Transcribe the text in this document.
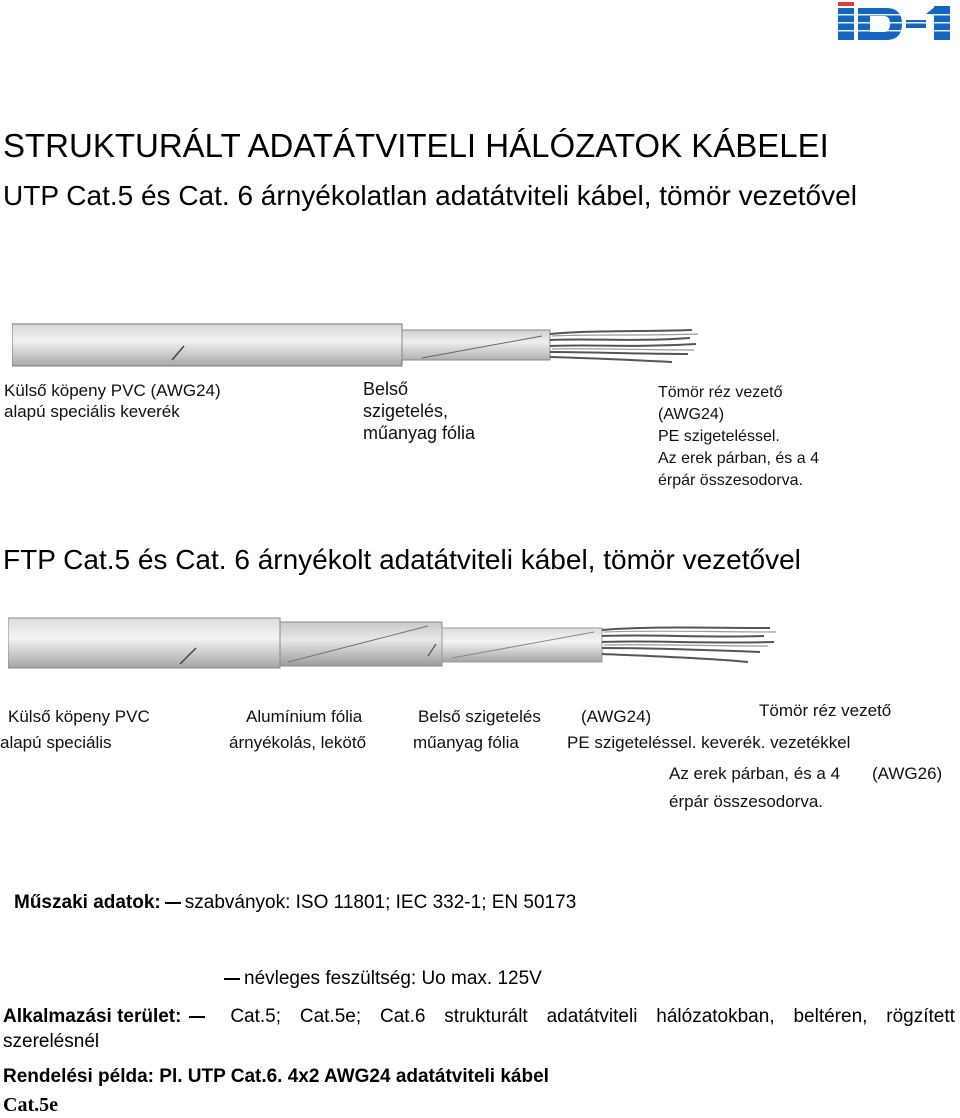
STRUKTURÁLT ADATÁTVITELI HÁLÓZATOK KÁBELEI
UTP Cat.5 és Cat. 6 árnyékolatlan adatátviteli kábel, tömör vezetővel
Külső köpeny PVC (AWG24)
alapú speciális keverék
Belső
szigetelés,
műanyag fólia
Tömör réz vezető
(AWG24)
PE szigeteléssel.
Az erek párban, és a 4
érpár összesodorva.
FTP Cat.5 és Cat. 6 árnyékolt adatátviteli kábel, tömör vezetővel
Külső köpeny PVC
alapú speciális
Alumínium fólia
árnyékolás, lekötő
Belső szigetelés
műanyag fólia
(AWG24)
PE szigeteléssel. keverék. vezetékkel
Tömör réz vezető
Az erek párban, és a 4 (AWG26)
érpár összesodorva.
Műszaki adatok: szabványok: ISO 11801; IEC 332-1; EN 50173
névleges feszültség: Uo max. 125V
Alkalmazási terület:	Cat.5; Cat.5e; Cat.6 strukturált adatátviteli hálózatokban, beltéren, rögzített
szerelésnél
Rendelési példa: Pl. UTP Cat.6. 4x2 AWG24 adatátviteli kábel
Cat.5e
